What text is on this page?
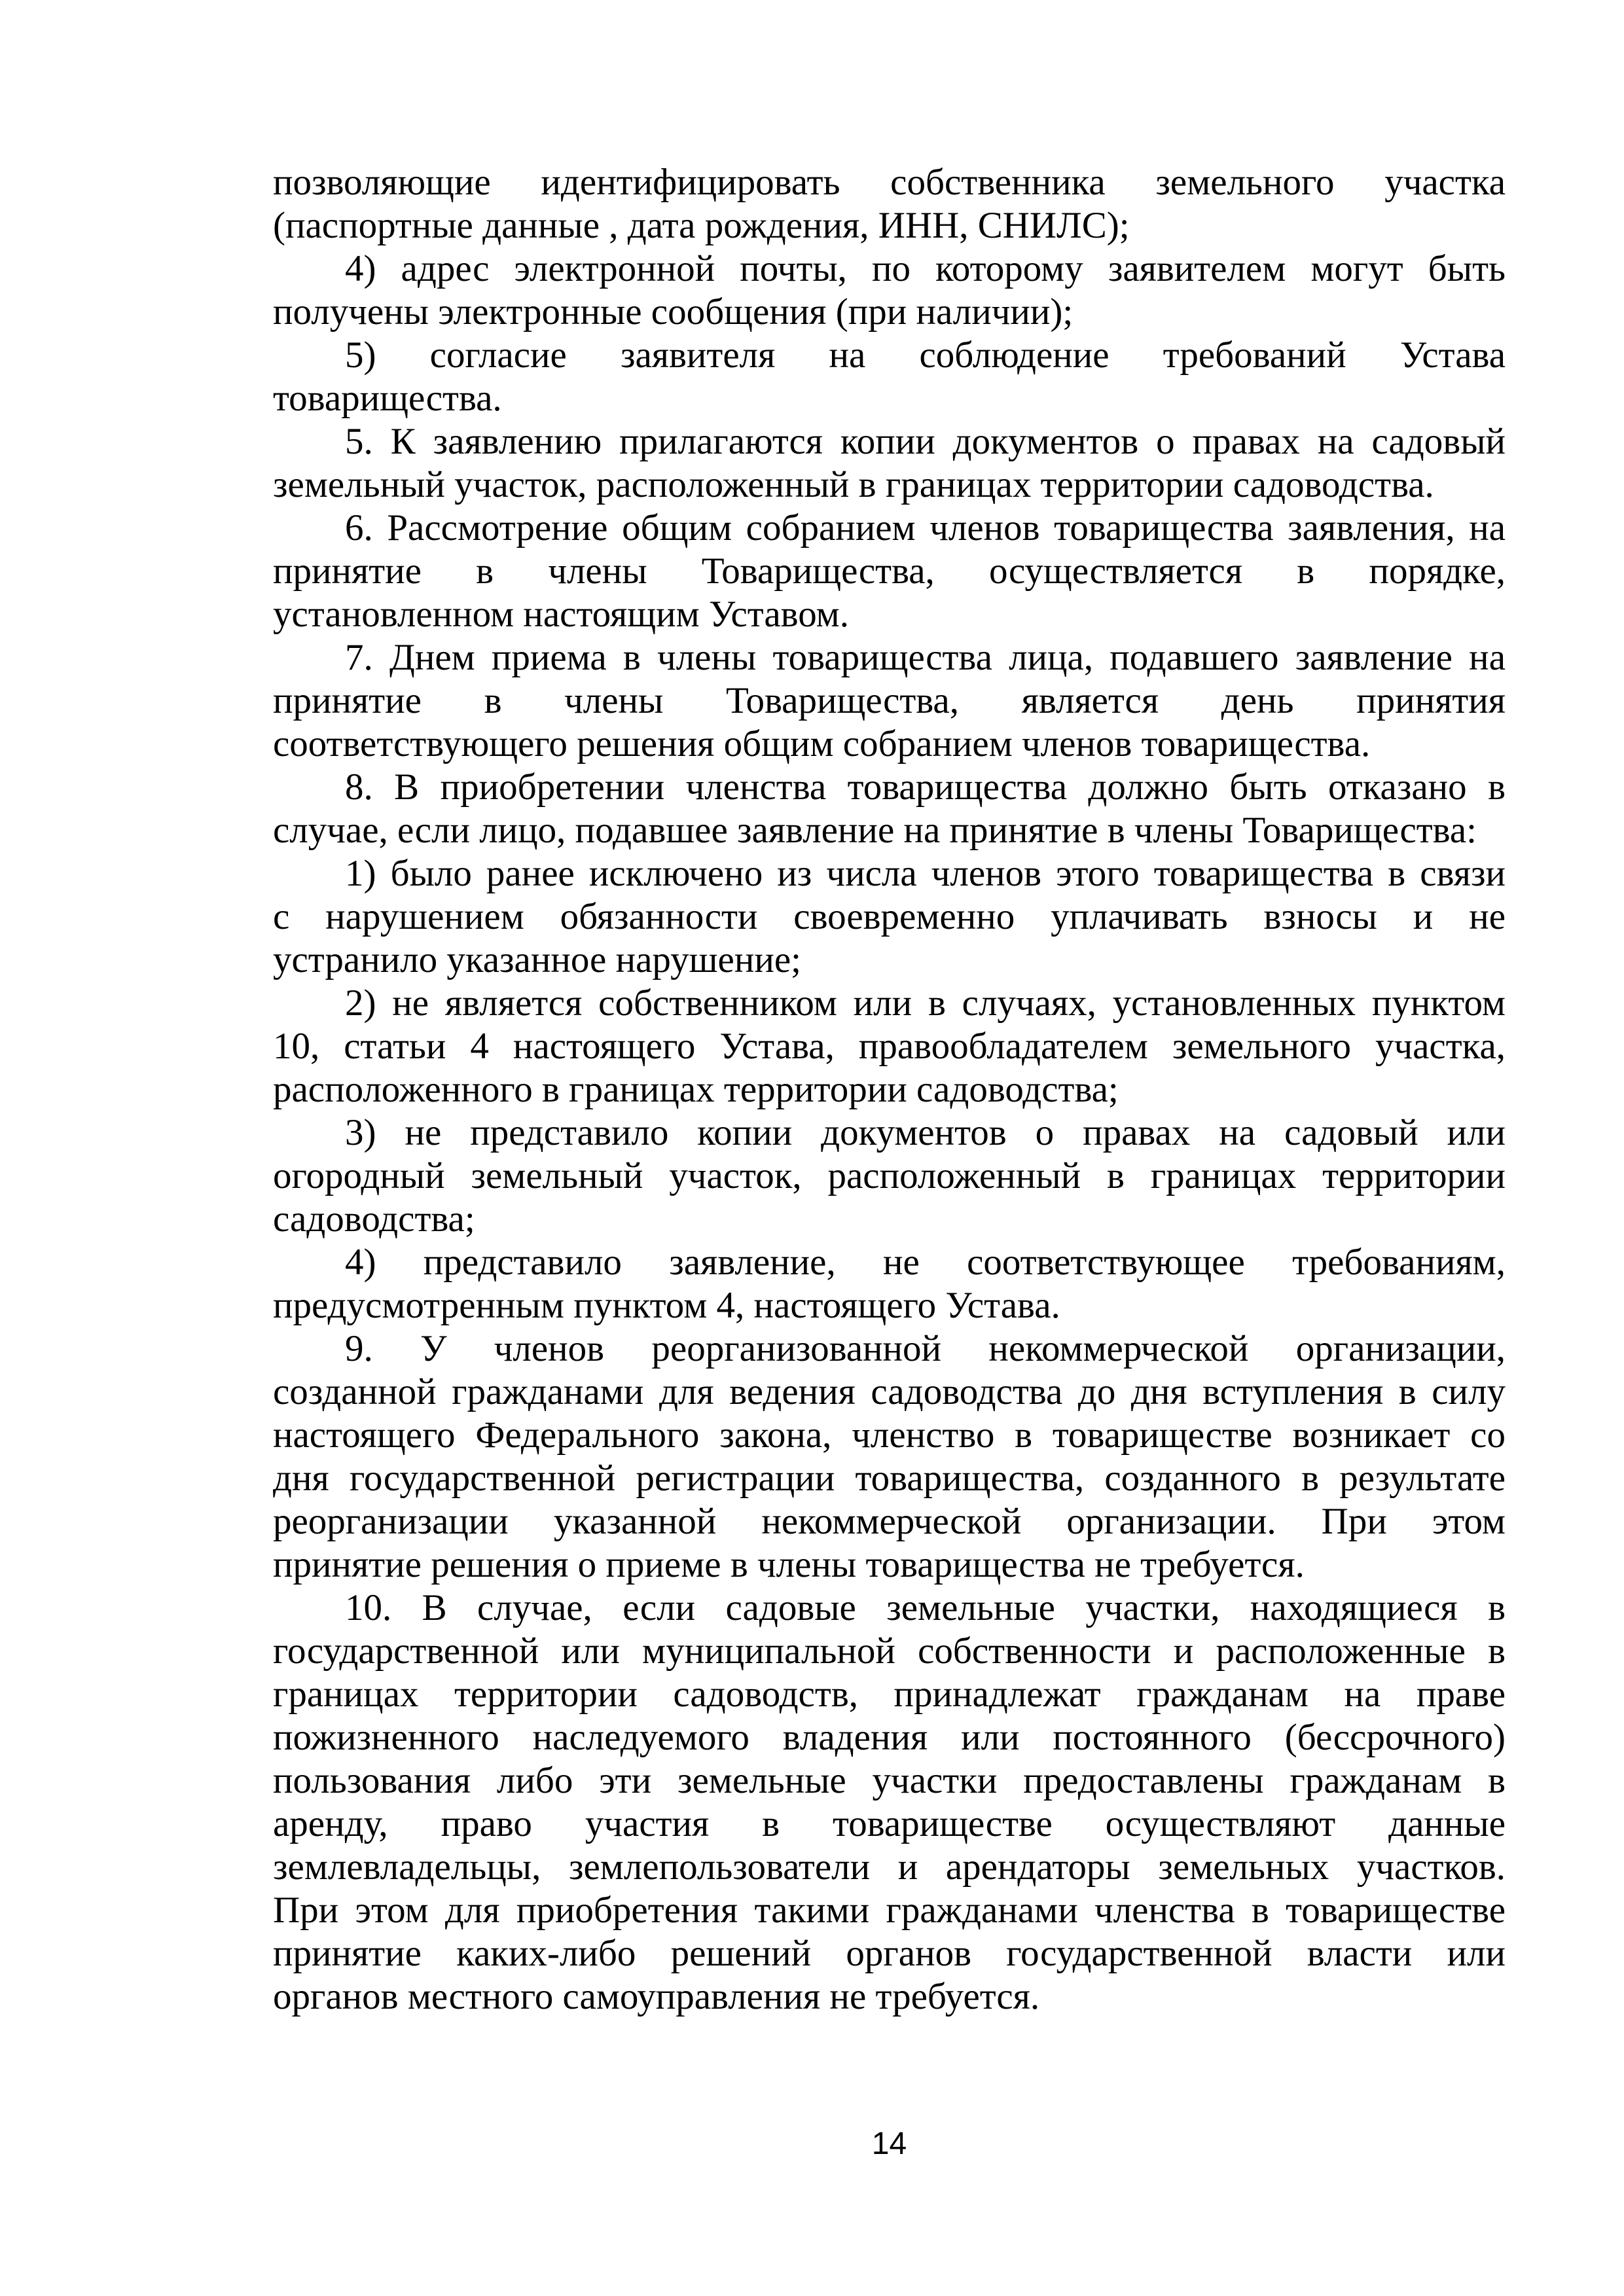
позволяющие идентифицировать собственника земельного участка
(паспортные данные , дата рождения, ИНН, СНИЛС);
4) адрес электронной почты, по которому заявителем могут быть
получены электронные сообщения (при наличии);
5) согласие заявителя на соблюдение требований Устава
товарищества.
5. К заявлению прилагаются копии документов о правах на садовый
земельный участок, расположенный в границах территории садоводства.
6. Рассмотрение общим собранием членов товарищества заявления, на
принятие в члены Товарищества, осуществляется в порядке,
установленном настоящим Уставом.
7. Днем приема в члены товарищества лица, подавшего заявление на
принятие в члены Товарищества, является день принятия
соответствующего решения общим собранием членов товарищества.
8. В приобретении членства товарищества должно быть отказано в
случае, если лицо, подавшее заявление на принятие в члены Товарищества:
1) было ранее исключено из числа членов этого товарищества в связи
с нарушением обязанности своевременно уплачивать взносы и не
устранило указанное нарушение;
2) не является собственником или в случаях, установленных пунктом
10, статьи 4 настоящего Устава, правообладателем земельного участка,
расположенного в границах территории садоводства;
3) не представило копии документов о правах на садовый или
огородный земельный участок, расположенный в границах территории
садоводства;
4) представило заявление, не соответствующее требованиям,
предусмотренным пунктом 4, настоящего Устава.
9. У членов реорганизованной некоммерческой организации,
созданной гражданами для ведения садоводства до дня вступления в силу
настоящего Федерального закона, членство в товариществе возникает со
дня государственной регистрации товарищества, созданного в результате
реорганизации указанной некоммерческой организации. При этом
принятие решения о приеме в члены товарищества не требуется.
10. В случае, если садовые земельные участки, находящиеся в
государственной или муниципальной собственности и расположенные в
границах территории садоводств, принадлежат гражданам на праве
пожизненного наследуемого владения или постоянного (бессрочного)
пользования либо эти земельные участки предоставлены гражданам в
аренду, право участия в товариществе осуществляют данные
землевладельцы, землепользователи и арендаторы земельных участков.
При этом для приобретения такими гражданами членства в товариществе
принятие каких-либо решений органов государственной власти или
органов местного самоуправления не требуется.
14
